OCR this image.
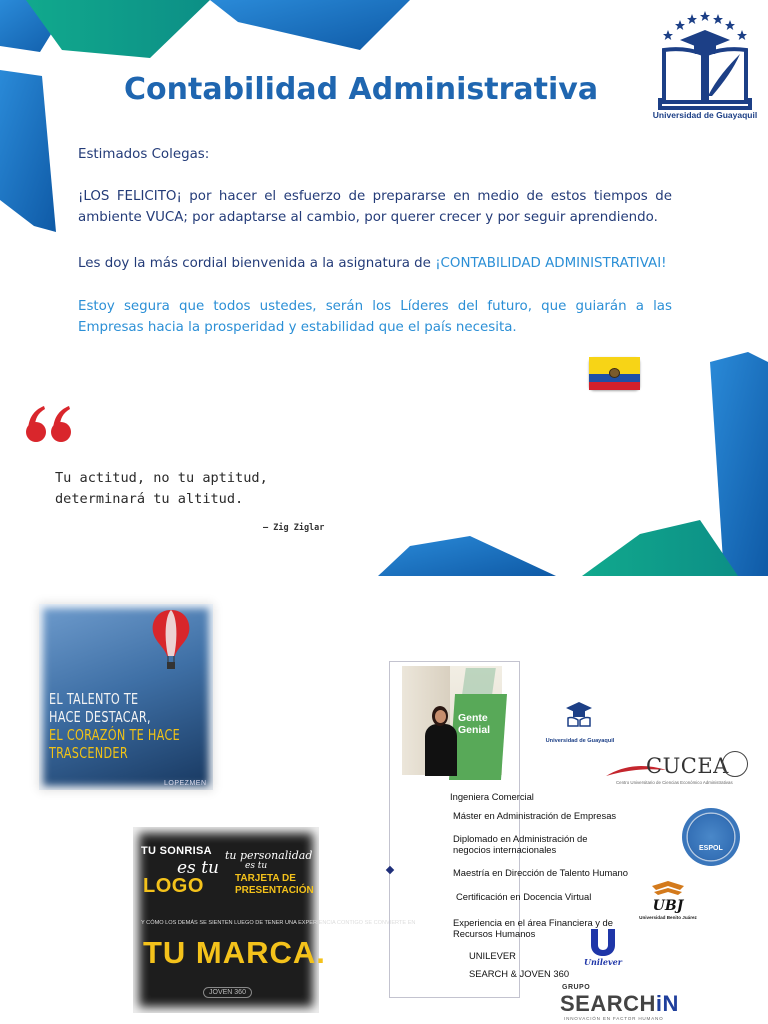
Universidad de Guayaquil
Contabilidad Administrativa

Estimados Colegas:

¡LOS FELICITO¡ por hacer el esfuerzo de prepararse en medio de estos tiempos de ambiente VUCA; por adaptarse al cambio, por querer crecer y por seguir aprendiendo.

Les doy la más cordial bienvenida a la asignatura de ¡CONTABILIDAD ADMINISTRATIVAI!

Estoy segura que todos ustedes, serán los Líderes del futuro, que guiarán a las Empresas hacia la prosperidad y estabilidad que el país necesita.

Tu actitud, no tu aptitud,
determinará tu altitud.
– Zig Ziglar
EL TALENTO TE
HACE DESTACAR,
EL CORAZÓN TE HACE
TRASCENDER
LOPEZMEN
TU SONRISA
es tu
LOGO
tu personalidad
es tu
TARJETA DE
PRESENTACIÓN
Y CÓMO LOS DEMÁS SE SIENTEN LUEGO DE TENER UNA EXPERIENCIA CONTIGO SE CONVIERTE EN
TU MARCA.
JOVEN 360
Gente
Genial
Ingeniera Comercial
Máster en Administración de Empresas
Diplomado en Administración de
negocios internacionales
Maestría en Dirección de Talento Humano
Certificación en Docencia Virtual
Experiencia en el área Financiera y de
Recursos Humanos
UNILEVER
SEARCH & JOVEN 360
Universidad de Guayaquil
CUCEA
Centro Universitario de Ciencias Económico Administrativas
ESPOL
UBJ
Universidad Benito Juárez
Unilever
GRUPO
SEARCHiN
INNOVACIÓN EN FACTOR HUMANO
